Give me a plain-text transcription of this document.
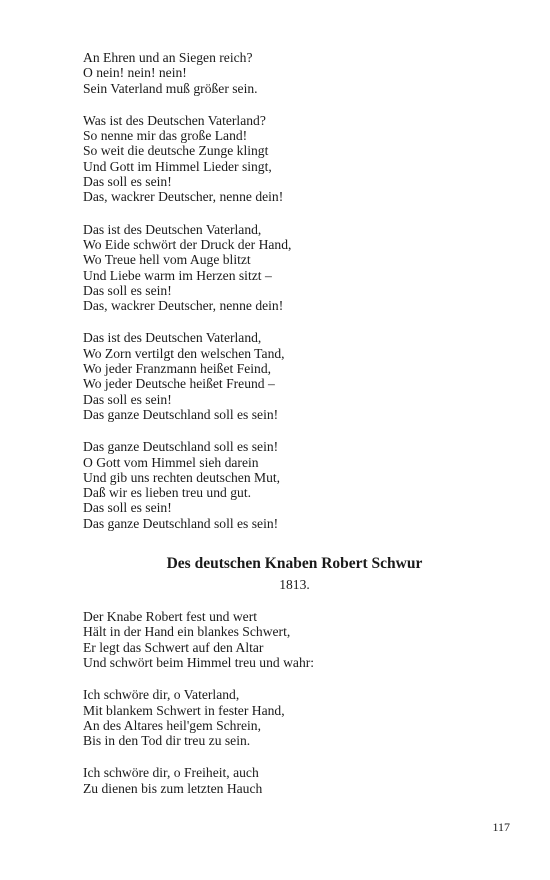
An Ehren und an Siegen reich?
O nein! nein! nein!
Sein Vaterland muß größer sein.
Was ist des Deutschen Vaterland?
So nenne mir das große Land!
So weit die deutsche Zunge klingt
Und Gott im Himmel Lieder singt,
Das soll es sein!
Das, wackrer Deutscher, nenne dein!
Das ist des Deutschen Vaterland,
Wo Eide schwört der Druck der Hand,
Wo Treue hell vom Auge blitzt
Und Liebe warm im Herzen sitzt –
Das soll es sein!
Das, wackrer Deutscher, nenne dein!
Das ist des Deutschen Vaterland,
Wo Zorn vertilgt den welschen Tand,
Wo jeder Franzmann heißet Feind,
Wo jeder Deutsche heißet Freund –
Das soll es sein!
Das ganze Deutschland soll es sein!
Das ganze Deutschland soll es sein!
O Gott vom Himmel sieh darein
Und gib uns rechten deutschen Mut,
Daß wir es lieben treu und gut.
Das soll es sein!
Das ganze Deutschland soll es sein!
Des deutschen Knaben Robert Schwur
1813.
Der Knabe Robert fest und wert
Hält in der Hand ein blankes Schwert,
Er legt das Schwert auf den Altar
Und schwört beim Himmel treu und wahr:
Ich schwöre dir, o Vaterland,
Mit blankem Schwert in fester Hand,
An des Altares heil'gem Schrein,
Bis in den Tod dir treu zu sein.
Ich schwöre dir, o Freiheit, auch
Zu dienen bis zum letzten Hauch
117
